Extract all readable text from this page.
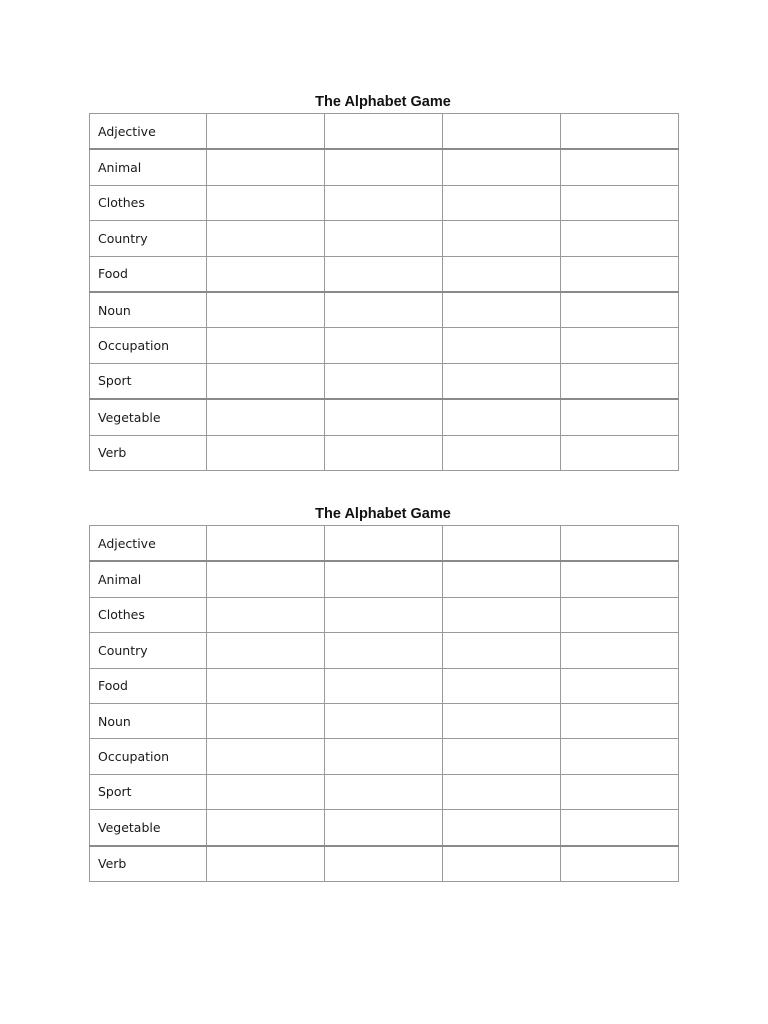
The Alphabet Game
Adjective				
Animal				
Clothes				
Country				
Food				
Noun				
Occupation				
Sport				
Vegetable				
Verb				
The Alphabet Game
Adjective				
Animal				
Clothes				
Country				
Food				
Noun				
Occupation				
Sport				
Vegetable				
Verb				
